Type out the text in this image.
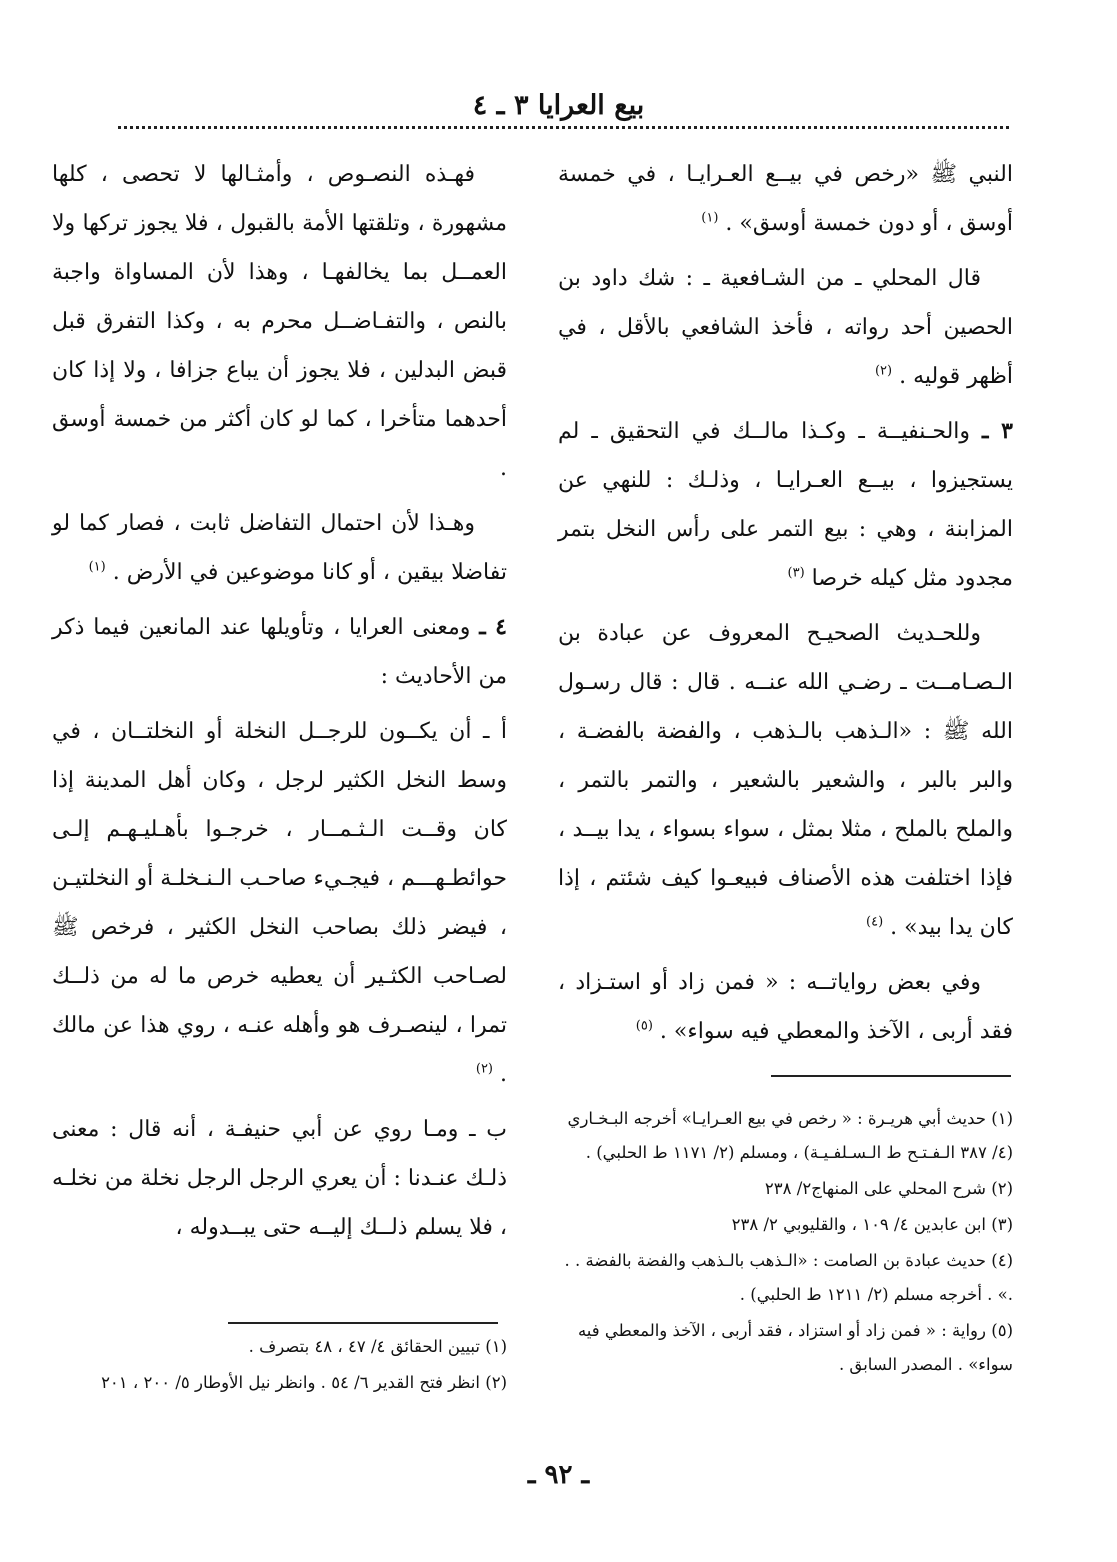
بيع العرايا ٣ ـ ٤

النبي ﷺ «رخص في بيــع العـرايـا ، في خمسة أوسق ، أو دون خمسة أوسق» . $^{(١)}$

قال المحلي ـ من الشـافعية ـ : شك داود بن الحصين أحد رواته ، فأخذ الشافعي بالأقل ، في أظهر قوليه . $^{(٢)}$

٣ ـ والحـنفيــة ـ وكـذا مالــك في التحقيق ـ لم يستجيزوا ، بيــع العـرايـا ، وذلـك : للنهي عن المزابنة ، وهي : بيع التمر على رأس النخل بتمر مجدود مثل كيله خرصا $^{(٣)}$

وللحـديث الصحيـح المعروف عن عبادة بن الـصـامــت ـ رضـي الله عنــه . قال : قال رسـول الله ﷺ : «الـذهب بالـذهب ، والفضة بالفضـة ، والبر بالبر ، والشعير بالشعير ، والتمر بالتمر ، والملح بالملح ، مثلا بمثل ، سواء بسواء ، يدا بيــد ، فإذا اختلفت هذه الأصناف فبيعـوا كيف شئتم ، إذا كان يدا بيد» . $^{(٤)}$

وفي بعض رواياتــه : « فمن زاد أو استـزاد ، فقد أربى ، الآخذ والمعطي فيه سواء» . $^{(٥)}$

فهـذه النصـوص ، وأمثـالها لا تحصى ، كلها مشهورة ، وتلقتها الأمة بالقبول ، فلا يجوز تركها ولا العمــل بما يخالفهـا ، وهذا لأن المساواة واجبة بالنص ، والتفـاضــل محرم به ، وكذا التفرق قبل قبض البدلين ، فلا يجوز أن يباع جزافا ، ولا إذا كان أحدهما متأخرا ، كما لو كان أكثر من خمسة أوسق .

وهـذا لأن احتمال التفاضل ثابت ، فصار كما لو تفاضلا بيقين ، أو كانا موضوعين في الأرض . $^{(١)}$

٤ ـ ومعنى العرايا ، وتأويلها عند المانعين فيما ذكر من الأحاديث :

أ ـ أن يكــون للرجــل النخلة أو النخلتــان ، في وسط النخل الكثير لرجل ، وكان أهل المدينة إذا كان وقــت الـثـمــار ، خرجـوا بأهـليـهـم إلـى حوائطـهـــم ، فيجـيء صاحـب الـنـخلـة أو النخلتيـن ، فيضر ذلك بصاحب النخل الكثير ، فرخص ﷺ لصـاحب الكثـير أن يعطيه خرص ما له من ذلــك تمرا ، لينصـرف هو وأهله عنـه ، روي هذا عن مالك . $^{(٢)}$

ب ـ ومـا روي عن أبي حنيفـة ، أنه قال : معنى ذلـك عنـدنا : أن يعري الرجل الرجل نخلة من نخلـه ، فلا يسلم ذلــك إليــه حتى يبــدوله ،

(١) حديث أبي هريـرة : « رخص في بيع العـرايـا» أخرجه البـخـاري (٤/ ٣٨٧ الـفـتـح ط الـسـلفـيـة) ، ومسلم (٢/ ١١٧١ ط الحلبي) .
(٢) شرح المحلي على المنهاج٢/ ٢٣٨
(٣) ابن عابدين ٤/ ١٠٩ ، والقليوبي ٢/ ٢٣٨
(٤) حديث عبادة بن الصامت : «الـذهب بالـذهب والفضة بالفضة . . .» . أخرجه مسلم (٢/ ١٢١١ ط الحلبي) .
(٥) رواية : « فمن زاد أو استزاد ، فقد أربى ، الآخذ والمعطي فيه سواء» . المصدر السابق .
(١) تبيين الحقائق ٤/ ٤٧ ، ٤٨ بتصرف .
(٢) انظر فتح القدير ٦/ ٥٤ . وانظر نيل الأوطار ٥/ ٢٠٠ ، ٢٠١
ـ ٩٢ ـ
